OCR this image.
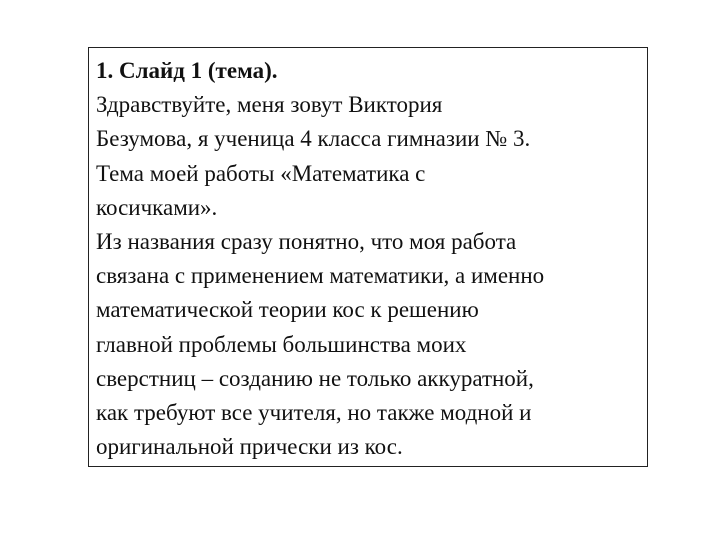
1. Слайд 1 (тема).
Здравствуйте, меня зовут Виктория
Безумова, я ученица 4 класса гимназии № 3.
Тема моей работы «Математика с
косичками».
Из названия сразу понятно, что моя работа
связана с применением математики, а именно
математической теории кос к решению
главной проблемы большинства моих
сверстниц – созданию не только аккуратной,
как требуют все учителя, но также модной и
оригинальной прически из кос.
